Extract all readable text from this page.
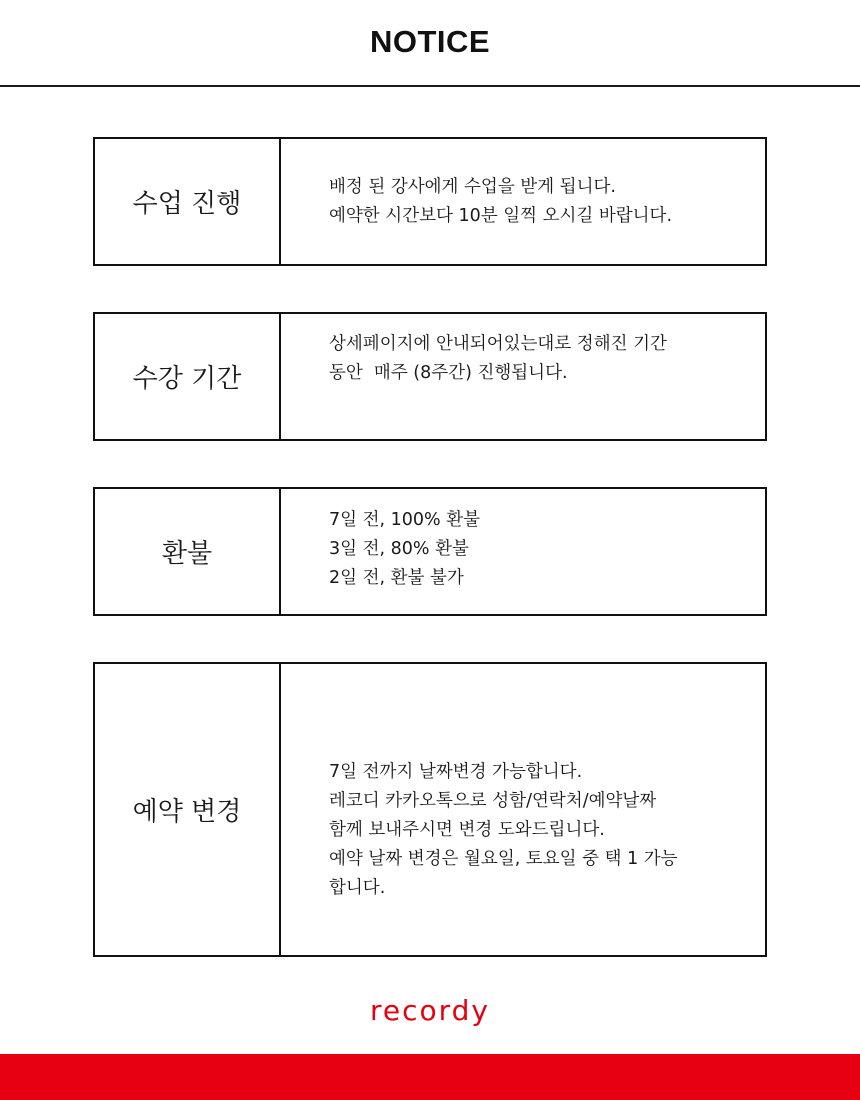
NOTICE
수업 진행
배정 된 강사에게 수업을 받게 됩니다.
예약한 시간보다 10분 일찍 오시길 바랍니다.
수강 기간
상세페이지에 안내되어있는대로 정해진 기간
동안  매주 (8주간) 진행됩니다.
환불
7일 전, 100% 환불
3일 전, 80% 환불
2일 전, 환불 불가
예약 변경
7일 전까지 날짜변경 가능합니다.
레코디 카카오톡으로 성함/연락처/예약날짜
함께 보내주시면 변경 도와드립니다.
예약 날짜 변경은 월요일, 토요일 중 택 1 가능
합니다.
recordy
